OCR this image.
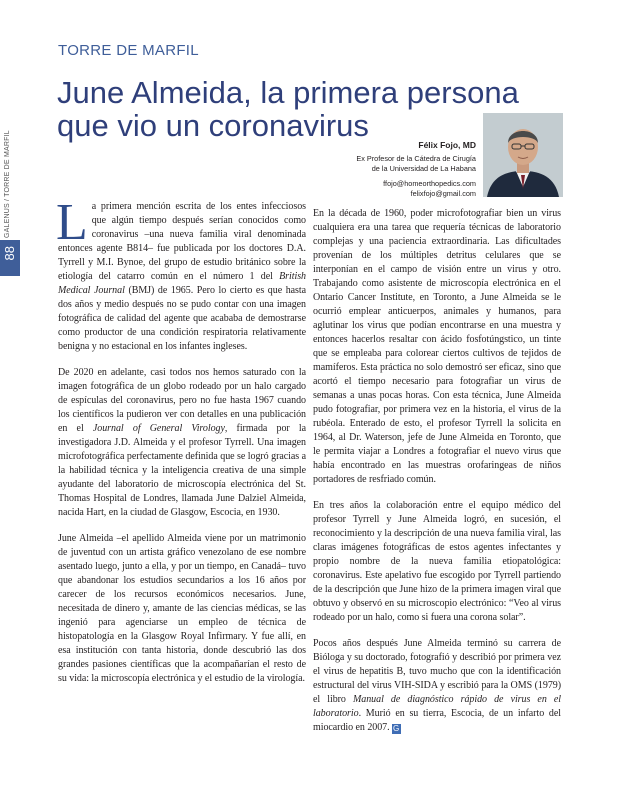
TORRE DE MARFIL
GALENUS / TORRE DE MARFIL
88
June Almeida, la primera persona
que vio un coronavirus
Félix Fojo, MD
Ex Profesor de la Cátedra de Cirugía
de la Universidad de La Habana
ffojo@homeorthopedics.com
felixfojo@gmail.com

La primera mención escrita de los entes infecciosos que algún tiempo después serían conocidos como coronavirus –una nueva familia viral denominada entonces agente B814– fue publicada por los doctores D.A. Tyrrell y M.I. Bynoe, del grupo de estudio británico sobre la etiología del catarro común en el número 1 del British Medical Journal (BMJ) de 1965. Pero lo cierto es que hasta dos años y medio después no se pudo contar con una imagen fotográfica de calidad del agente que acababa de demostrarse como productor de una condición respiratoria relativamente benigna y no estacional en los infantes ingleses.

De 2020 en adelante, casi todos nos hemos saturado con la imagen fotográfica de un globo rodeado por un halo cargado de espículas del coronavirus, pero no fue hasta 1967 cuando los científicos la pudieron ver con detalles en una publicación en el Journal of General Virology, firmada por la investigadora J.D. Almeida y el profesor Tyrrell. Una imagen microfotográfica perfectamente definida que se logró gracias a la habilidad técnica y la inteligencia creativa de una simple ayudante del laboratorio de microscopía electrónica del St. Thomas Hospital de Londres, llamada June Dalziel Almeida, nacida Hart, en la ciudad de Glasgow, Escocia, en 1930.

June Almeida –el apellido Almeida viene por un matrimonio de juventud con un artista gráfico venezolano de ese nombre asentado luego, junto a ella, y por un tiempo, en Canadá– tuvo que abandonar los estudios secundarios a los 16 años por carecer de los recursos económicos necesarios. June, necesitada de dinero y, amante de las ciencias médicas, se las ingenió para agenciarse un empleo de técnica de histopatología en la Glasgow Royal Infirmary. Y fue allí, en esa institución con tanta historia, donde descubrió las dos grandes pasiones científicas que la acompañarían el resto de su vida: la microscopía electrónica y el estudio de la virología.

En la década de 1960, poder microfotografiar bien un virus cualquiera era una tarea que requería técnicas de laboratorio complejas y una paciencia extraordinaria. Las dificultades provenían de los múltiples detritus celulares que se interponían en el campo de visión entre un virus y otro. Trabajando como asistente de microscopía electrónica en el Ontario Cancer Institute, en Toronto, a June Almeida se le ocurrió emplear anticuerpos, animales y humanos, para aglutinar los virus que podían encontrarse en una muestra y entonces hacerlos resaltar con ácido fosfotúngstico, un tinte que se empleaba para colorear ciertos cultivos de tejidos de mamíferos. Esta práctica no solo demostró ser eficaz, sino que acortó el tiempo necesario para fotografiar un virus de semanas a unas pocas horas. Con esta técnica, June Almeida pudo fotografiar, por primera vez en la historia, el virus de la rubéola. Enterado de esto, el profesor Tyrrell la solicita en 1964, al Dr. Waterson, jefe de June Almeida en Toronto, que le permita viajar a Londres a fotografiar el nuevo virus que había encontrado en las muestras orofaringeas de niños portadores de resfriado común.

En tres años la colaboración entre el equipo médico del profesor Tyrrell y June Almeida logró, en sucesión, el reconocimiento y la descripción de una nueva familia viral, las claras imágenes fotográficas de estos agentes infectantes y propio nombre de la nueva familia etiopatológica: coronavirus. Este apelativo fue escogido por Tyrrell partiendo de la descripción que June hizo de la primera imagen viral que obtuvo y observó en su microscopio electrónico: “Veo al virus rodeado por un halo, como si fuera una corona solar”.

Pocos años después June Almeida terminó su carrera de Bióloga y su doctorado, fotografió y describió por primera vez el virus de hepatitis B, tuvo mucho que con la identificación estructural del virus VIH-SIDA y escribió para la OMS (1979) el libro Manual de diagnóstico rápido de virus en el laboratorio. Murió en su tierra, Escocia, de un infarto del miocardio en 2007. G
